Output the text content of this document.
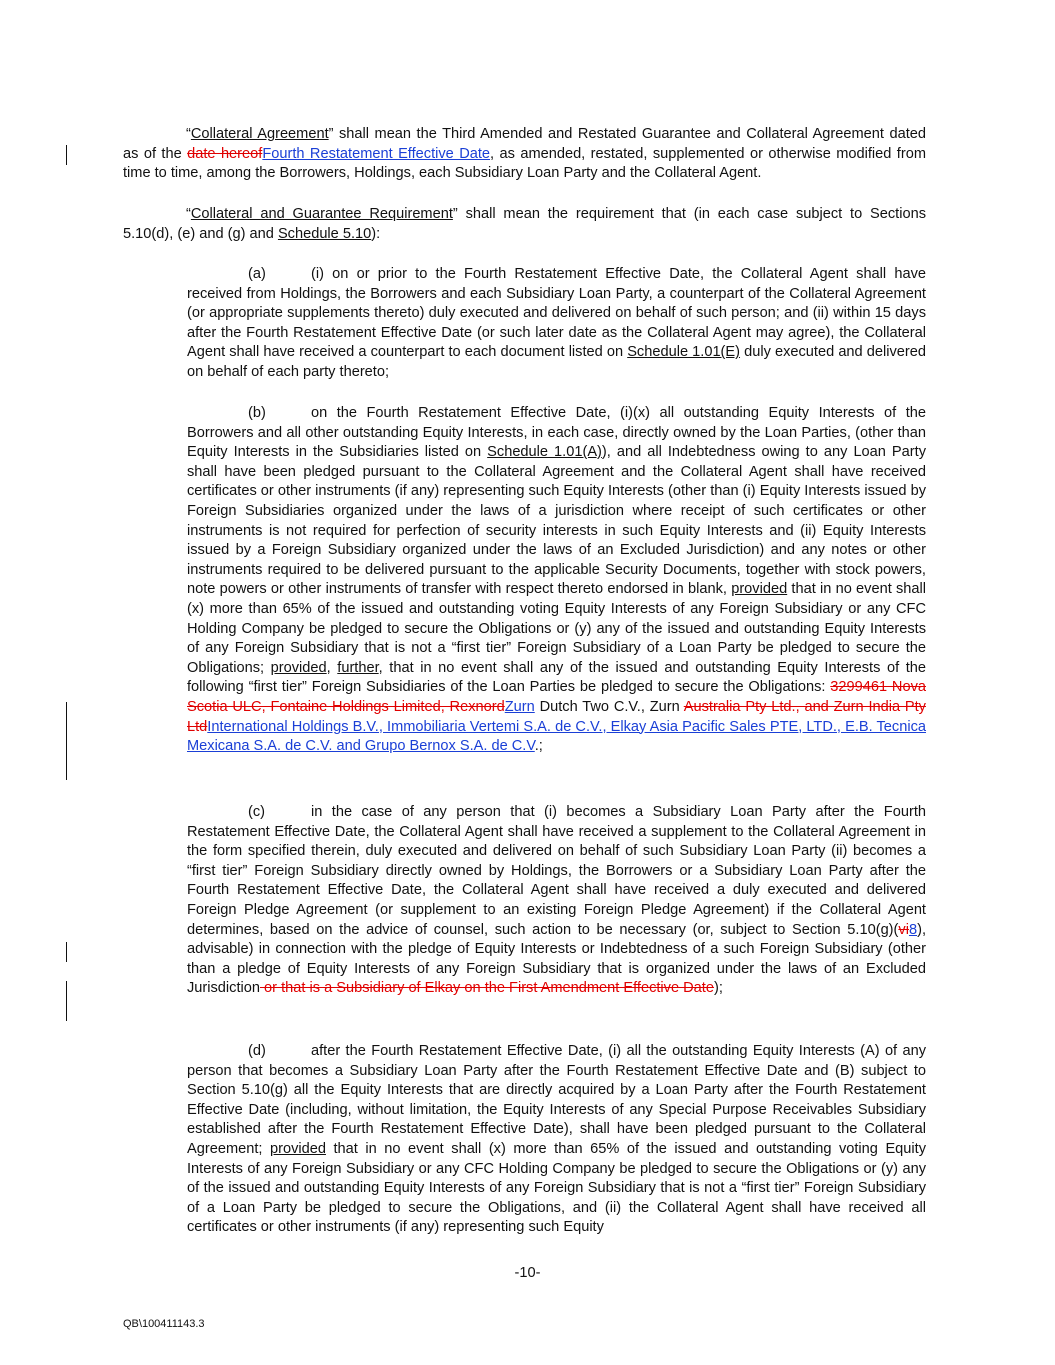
“Collateral Agreement” shall mean the Third Amended and Restated Guarantee and Collateral Agreement dated as of the date hereofFourth Restatement Effective Date, as amended, restated, supplemented or otherwise modified from time to time, among the Borrowers, Holdings, each Subsidiary Loan Party and the Collateral Agent.

“Collateral and Guarantee Requirement” shall mean the requirement that (in each case subject to Sections 5.10(d), (e) and (g) and Schedule 5.10):

(a)	(i) on or prior to the Fourth Restatement Effective Date, the Collateral Agent shall have received from Holdings, the Borrowers and each Subsidiary Loan Party, a counterpart of the Collateral Agreement (or appropriate supplements thereto) duly executed and delivered on behalf of such person; and (ii) within 15 days after the Fourth Restatement Effective Date (or such later date as the Collateral Agent may agree), the Collateral Agent shall have received a counterpart to each document listed on Schedule 1.01(E) duly executed and delivered on behalf of each party thereto;

(b)	on the Fourth Restatement Effective Date, (i)(x) all outstanding Equity Interests of the Borrowers and all other outstanding Equity Interests, in each case, directly owned by the Loan Parties, (other than Equity Interests in the Subsidiaries listed on Schedule 1.01(A)), and all Indebtedness owing to any Loan Party shall have been pledged pursuant to the Collateral Agreement and the Collateral Agent shall have received certificates or other instruments (if any) representing such Equity Interests (other than (i) Equity Interests issued by Foreign Subsidiaries organized under the laws of a jurisdiction where receipt of such certificates or other instruments is not required for perfection of security interests in such Equity Interests and (ii) Equity Interests issued by a Foreign Subsidiary organized under the laws of an Excluded Jurisdiction) and any notes or other instruments required to be delivered pursuant to the applicable Security Documents, together with stock powers, note powers or other instruments of transfer with respect thereto endorsed in blank, provided that in no event shall (x) more than 65% of the issued and outstanding voting Equity Interests of any Foreign Subsidiary or any CFC Holding Company be pledged to secure the Obligations or (y) any of the issued and outstanding Equity Interests of any Foreign Subsidiary that is not a “first tier” Foreign Subsidiary of a Loan Party be pledged to secure the Obligations; provided, further, that in no event shall any of the issued and outstanding Equity Interests of the following “first tier” Foreign Subsidiaries of the Loan Parties be pledged to secure the Obligations: 3299461 Nova Scotia ULC, Fontaine Holdings Limited, RexnordZurn Dutch Two C.V., Zurn Australia Pty Ltd., and Zurn India Pty LtdInternational Holdings B.V., Immobiliaria Vertemi S.A. de C.V., Elkay Asia Pacific Sales PTE, LTD., E.B. Tecnica Mexicana S.A. de C.V. and Grupo Bernox S.A. de C.V.;

(c)	in the case of any person that (i) becomes a Subsidiary Loan Party after the Fourth Restatement Effective Date, the Collateral Agent shall have received a supplement to the Collateral Agreement in the form specified therein, duly executed and delivered on behalf of such Subsidiary Loan Party (ii) becomes a “first tier” Foreign Subsidiary directly owned by Holdings, the Borrowers or a Subsidiary Loan Party after the Fourth Restatement Effective Date, the Collateral Agent shall have received a duly executed and delivered Foreign Pledge Agreement (or supplement to an existing Foreign Pledge Agreement) if the Collateral Agent determines, based on the advice of counsel, such action to be necessary (or, subject to Section 5.10(g)(vi8), advisable) in connection with the pledge of Equity Interests or Indebtedness of a such Foreign Subsidiary (other than a pledge of Equity Interests of any Foreign Subsidiary that is organized under the laws of an Excluded Jurisdiction or that is a Subsidiary of Elkay on the First Amendment Effective Date);

(d)	after the Fourth Restatement Effective Date, (i) all the outstanding Equity Interests (A) of any person that becomes a Subsidiary Loan Party after the Fourth Restatement Effective Date and (B) subject to Section 5.10(g) all the Equity Interests that are directly acquired by a Loan Party after the Fourth Restatement Effective Date (including, without limitation, the Equity Interests of any Special Purpose Receivables Subsidiary established after the Fourth Restatement Effective Date), shall have been pledged pursuant to the Collateral Agreement; provided that in no event shall (x) more than 65% of the issued and outstanding voting Equity Interests of any Foreign Subsidiary or any CFC Holding Company be pledged to secure the Obligations or (y) any of the issued and outstanding Equity Interests of any Foreign Subsidiary that is not a “first tier” Foreign Subsidiary of a Loan Party be pledged to secure the Obligations, and (ii) the Collateral Agent shall have received all certificates or other instruments (if any) representing such Equity

-10-
QB\100411143.3
